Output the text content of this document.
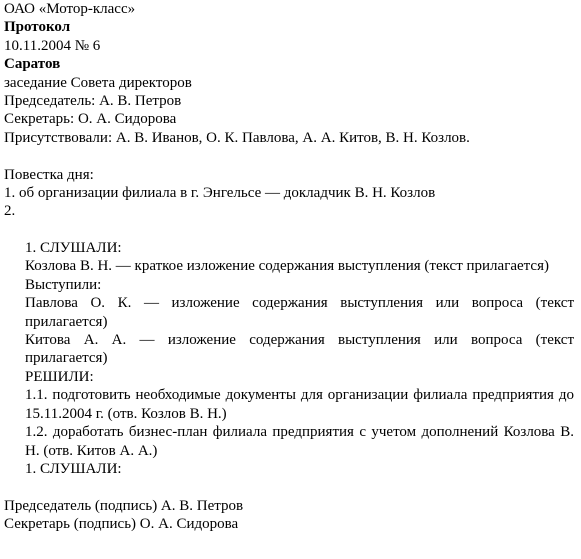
ОАО «Мотор-класс»
Протокол
10.11.2004 № 6
Саратов
заседание Совета директоров
Председатель: А. В. Петров
Секретарь: О. А. Сидорова
Присутствовали: А. В. Иванов, О. К. Павлова, А. А. Китов, В. Н. Козлов.
Повестка дня:
1. об организации филиала в г. Энгельсе — докладчик В. Н. Козлов
2.
1. СЛУШАЛИ:
Козлова В. Н. — краткое изложение содержания выступления (текст прилагается)
Выступили:
Павлова О. К. — изложение содержания выступления или вопроса (текст прилагается)
Китова А. А. — изложение содержания выступления или вопроса (текст прилагается)
РЕШИЛИ:
1.1. подготовить необходимые документы для организации филиала предприятия до 15.11.2004 г. (отв. Козлов В. Н.)
1.2. доработать бизнес-план филиала предприятия с учетом дополнений Козлова В. Н. (отв. Китов А. А.)
1. СЛУШАЛИ:
Председатель (подпись) А. В. Петров
Секретарь (подпись) О. А. Сидорова
